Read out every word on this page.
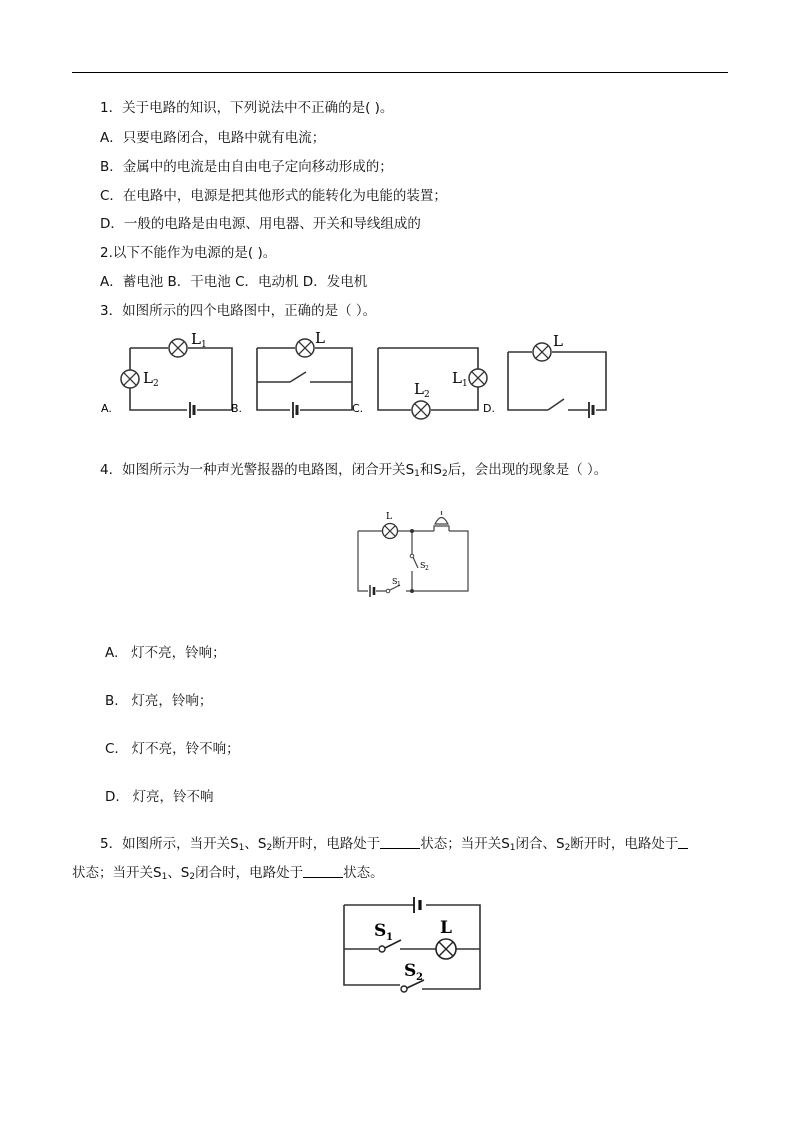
1．关于电路的知识，下列说法中不正确的是( )。
A．只要电路闭合，电路中就有电流；
B．金属中的电流是由自由电子定向移动形成的；
C．在电路中，电源是把其他形式的能转化为电能的装置；
D．一般的电路是由电源、用电器、开关和导线组成的
2.以下不能作为电源的是( )。
A．蓄电池 B．干电池 C．电动机 D．发电机
3．如图所示的四个电路图中，正确的是（ ）。
L 1
L 2
A.
L
B.
L 2
L 1
C.
L
D.
4．如图所示为一种声光警报器的电路图，闭合开关$S_1$和$S_2$后，会出现的现象是（ ）。
L
S 2
S 1
A. 灯不亮，铃响；
B. 灯亮，铃响；
C. 灯不亮，铃不响；
D. 灯亮，铃不响
5．如图所示，当开关$S_1$、$S_2$断开时，电路处于	状态；当开关$S_1$闭合、$S_2$断开时，电路处于
状态；当开关$S_1$、$S_2$闭合时，电路处于	状态。
S 1	L
S 2
